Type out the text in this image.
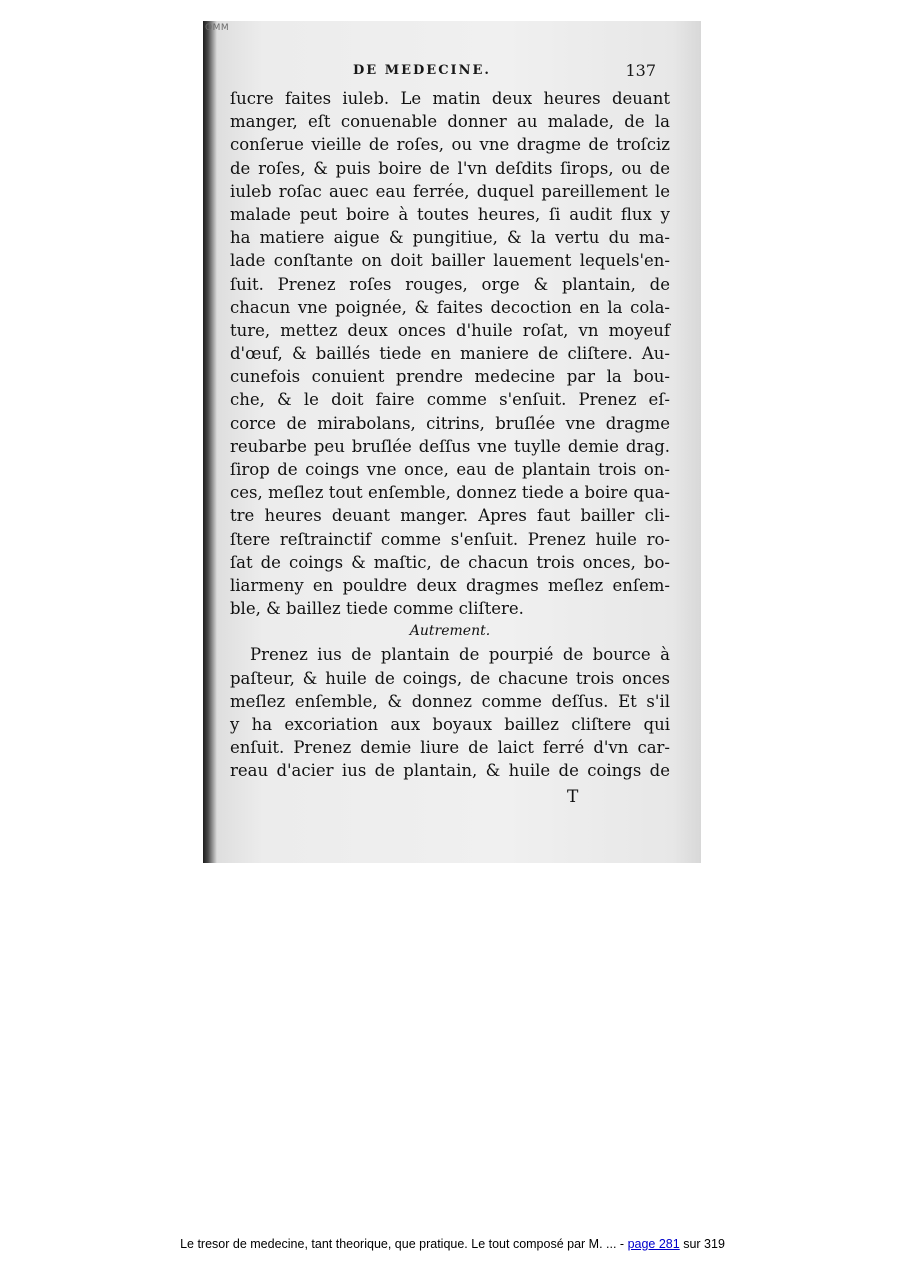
OMM
DE MEDECINE.	137
ſucre faites iuleb. Le matin deux heures deuant
manger, eſt conuenable donner au malade, de la
conſerue vieille de roſes, ou vne dragme de troſciz
de roſes, & puis boire de l'vn deſdits ſirops, ou de
iuleb roſac auec eau ferrée, duquel pareillement le
malade peut boire à toutes heures, ſi audit flux y
ha matiere aigue & pungitiue, & la vertu du ma-
lade conſtante on doit bailler lauement lequels'en-
ſuit. Prenez roſes rouges, orge & plantain, de
chacun vne poignée, & faites decoction en la cola-
ture, mettez deux onces d'huile roſat, vn moyeuf
d'œuf, & baillés tiede en maniere de cliſtere. Au-
cunefois conuient prendre medecine par la bou-
che, & le doit faire comme s'enſuit. Prenez eſ-
corce de mirabolans, citrins, bruſlée vne dragme
reubarbe peu bruſlée deſſus vne tuylle demie drag.
ſirop de coings vne once, eau de plantain trois on-
ces, meſlez tout enſemble, donnez tiede a boire qua-
tre heures deuant manger. Apres faut bailler cli-
ſtere reſtrainctif comme s'enſuit. Prenez huile ro-
ſat de coings & maſtic, de chacun trois onces, bo-
liarmeny en pouldre deux dragmes meſlez enſem-
ble, & baillez tiede comme cliſtere.
Autrement.
Prenez ius de plantain de pourpié de bource à
paſteur, & huile de coings, de chacune trois onces
meſlez enſemble, & donnez comme deſſus. Et s'il
y ha excoriation aux boyaux baillez cliſtere qui
enſuit. Prenez demie liure de laict ferré d'vn car-
reau d'acier ius de plantain, & huile de coings de
T
Le tresor de medecine, tant theorique, que pratique. Le tout composé par M. ... - page 281 sur 319
